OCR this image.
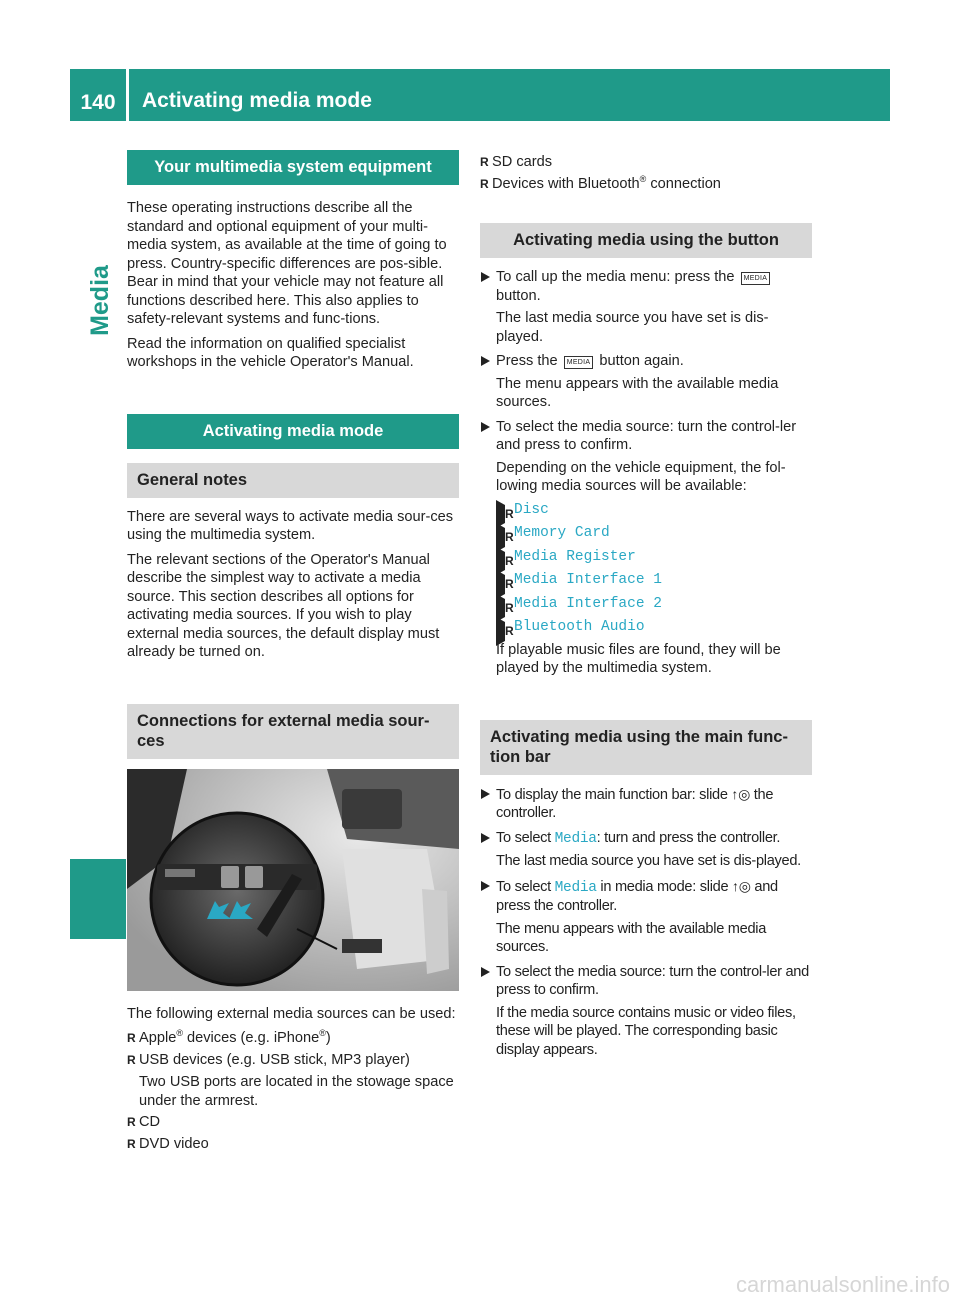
140	Activating media mode
Media
Your multimedia system equipment

These operating instructions describe all the standard and optional equipment of your multi-media system, as available at the time of going to press. Country-specific differences are pos-sible. Bear in mind that your vehicle may not feature all functions described here. This also applies to safety-relevant systems and func-tions.

Read the information on qualified specialist workshops in the vehicle Operator's Manual.

Activating media mode
General notes

There are several ways to activate media sour-ces using the multimedia system.

The relevant sections of the Operator's Manual describe the simplest way to activate a media source. This section describes all options for activating media sources. If you wish to play external media sources, the default display must already be turned on.

Connections for external media sour-ces

The following external media sources can be used:

R Apple® devices (e.g. iPhone®)
R USB devices (e.g. USB stick, MP3 player)
Two USB ports are located in the stowage space under the armrest.
R CD
R DVD video
R SD cards
R Devices with Bluetooth® connection
Activating media using the button
To call up the media menu: press the MEDIA button.
The last media source you have set is dis-played.
Press the MEDIA button again.
The menu appears with the available media sources.
To select the media source: turn the control-ler and press to confirm.
Depending on the vehicle equipment, the fol-lowing media sources will be available:
R Disc
R Memory Card
R Media Register
R Media Interface 1
R Media Interface 2
R Bluetooth Audio
If playable music files are found, they will be played by the multimedia system.
Activating media using the main func-tion bar
To display the main function bar: slide ↑◎ the controller.
To select Media: turn and press the controller.
The last media source you have set is dis-played.
To select Media in media mode: slide ↑◎ and press the controller.
The menu appears with the available media sources.
To select the media source: turn the control-ler and press to confirm.
If the media source contains music or video files, these will be played. The corresponding basic display appears.
carmanualsonline.info
